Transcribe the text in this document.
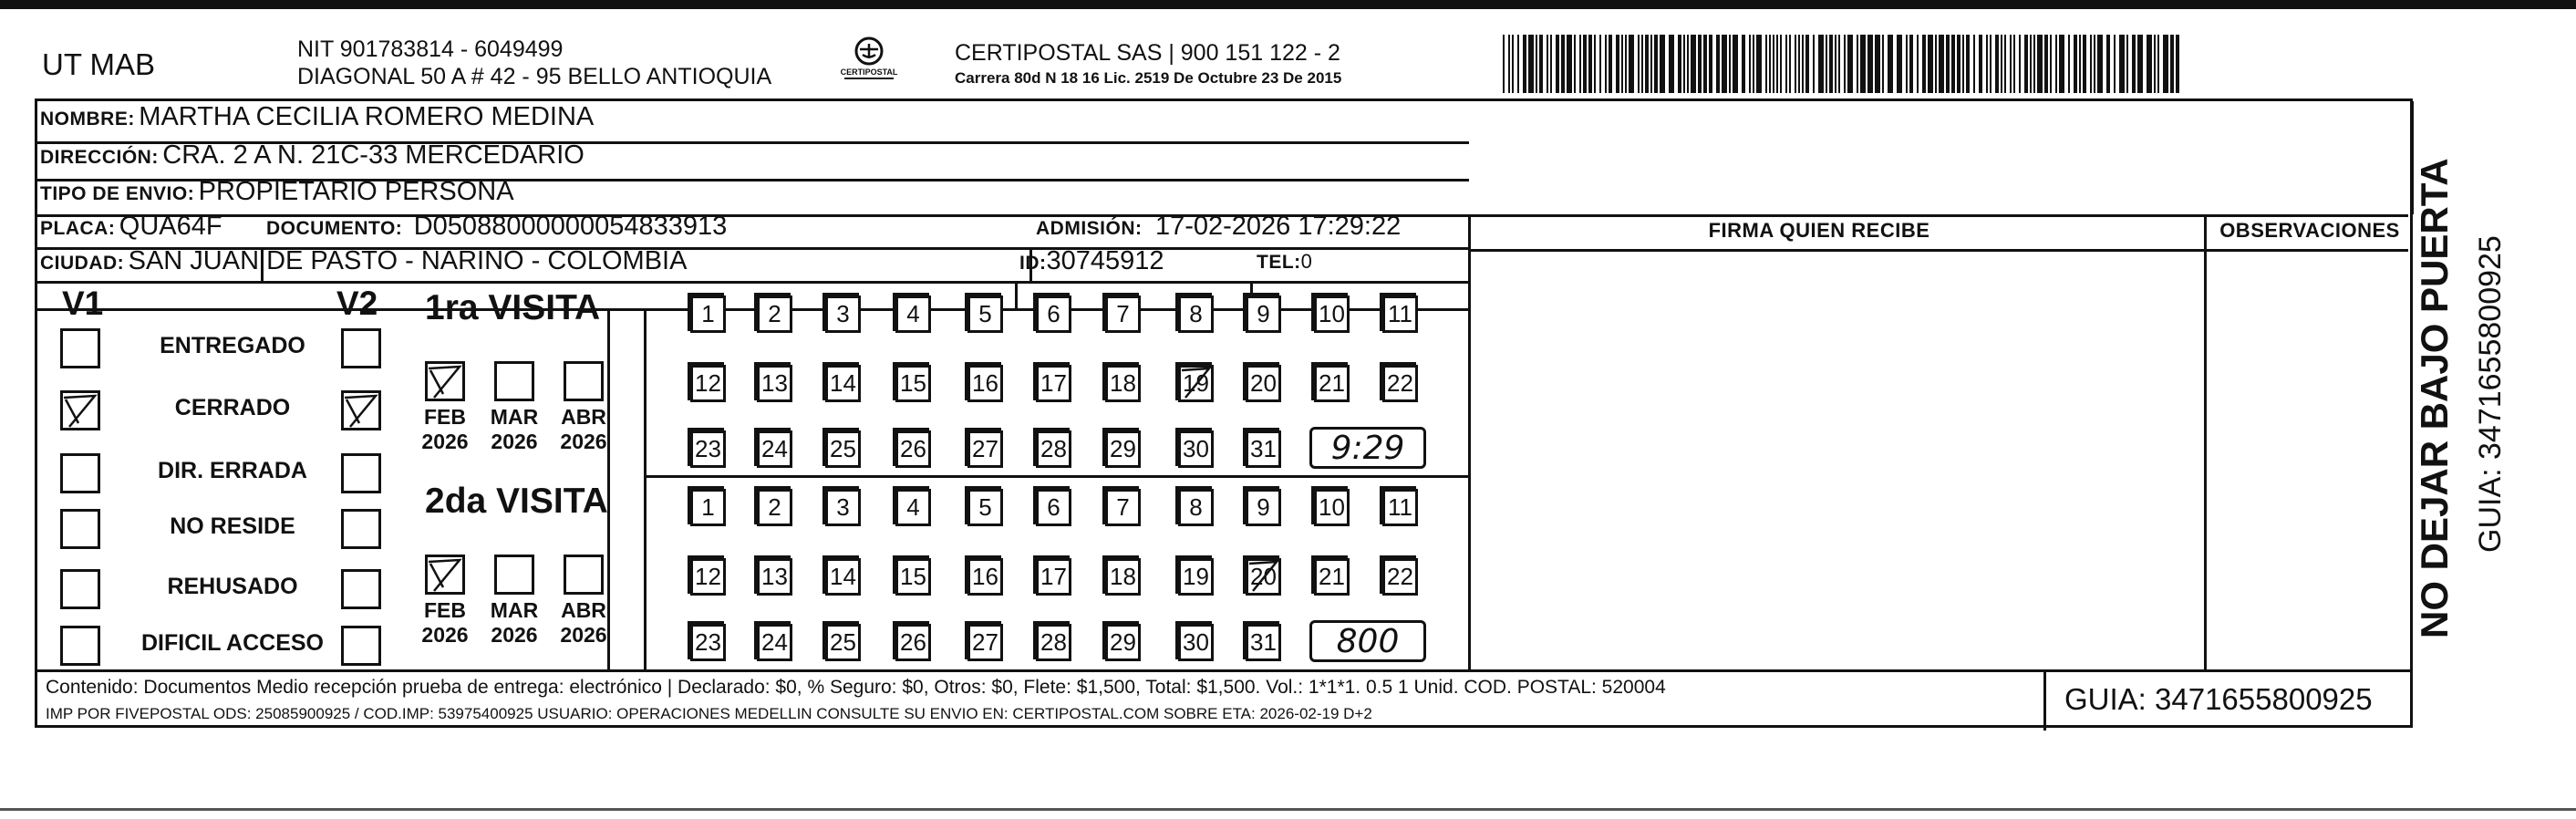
UT MAB	NIT 901783814 - 6049499
DIAGONAL 50 A # 42 - 95 BELLO ANTIOQUIA	CERTIPOSTAL
CERTIPOSTAL SAS | 900 151 122 - 2
Carrera 80d N 18 16 Lic. 2519 De Octubre 23 De 2015
NOMBRE: MARTHA CECILIA ROMERO MEDINA
DIRECCIÓN: CRA. 2 A N. 21C-33 MERCEDARIO
TIPO DE ENVIO: PROPIETARIO PERSONA
PLACA: QUA64F DOCUMENTO: D05088000000054833913	ADMISIÓN: 17-02-2026 17:29:22
CIUDAD: SAN JUAN DE PASTO - NARINO - COLOMBIA	ID:30745912	TEL:0
FIRMA QUIEN RECIBE	OBSERVACIONES
V1	V2
ENTREGADO
CERRADO
DIR. ERRADA
NO RESIDE
REHUSADO
DIFICIL ACCESO
1ra VISITA
2da VISITA
FEB
2026
MAR
2026
ABR
2026
1	2	3	4	5	6	7	8	9	10 11
12 13 14 15 16 17 18 19 20 21 22
23 24 25 26 27 28 29 30 31	9:29
FEB
2026
MAR
2026
ABR
2026
1	2	3	4	5	6	7	8	9	10 11
12 13 14 15 16 17 18 19 20 21 22
23 24 25 26 27 28 29 30 31	800
Contenido: Documentos Medio recepción prueba de entrega: electrónico | Declarado: $0, % Seguro: $0, Otros: $0, Flete: $1,500, Total: $1,500. Vol.: 1*1*1. 0.5 1 Unid. COD. POSTAL: 520004
IMP POR FIVEPOSTAL ODS: 25085900925 / COD.IMP: 53975400925 USUARIO: OPERACIONES MEDELLIN CONSULTE SU ENVIO EN: CERTIPOSTAL.COM SOBRE ETA: 2026-02-19 D+2	GUIA: 3471655800925
NO DEJAR BAJO PUERTA GUIA: 3471655800925
